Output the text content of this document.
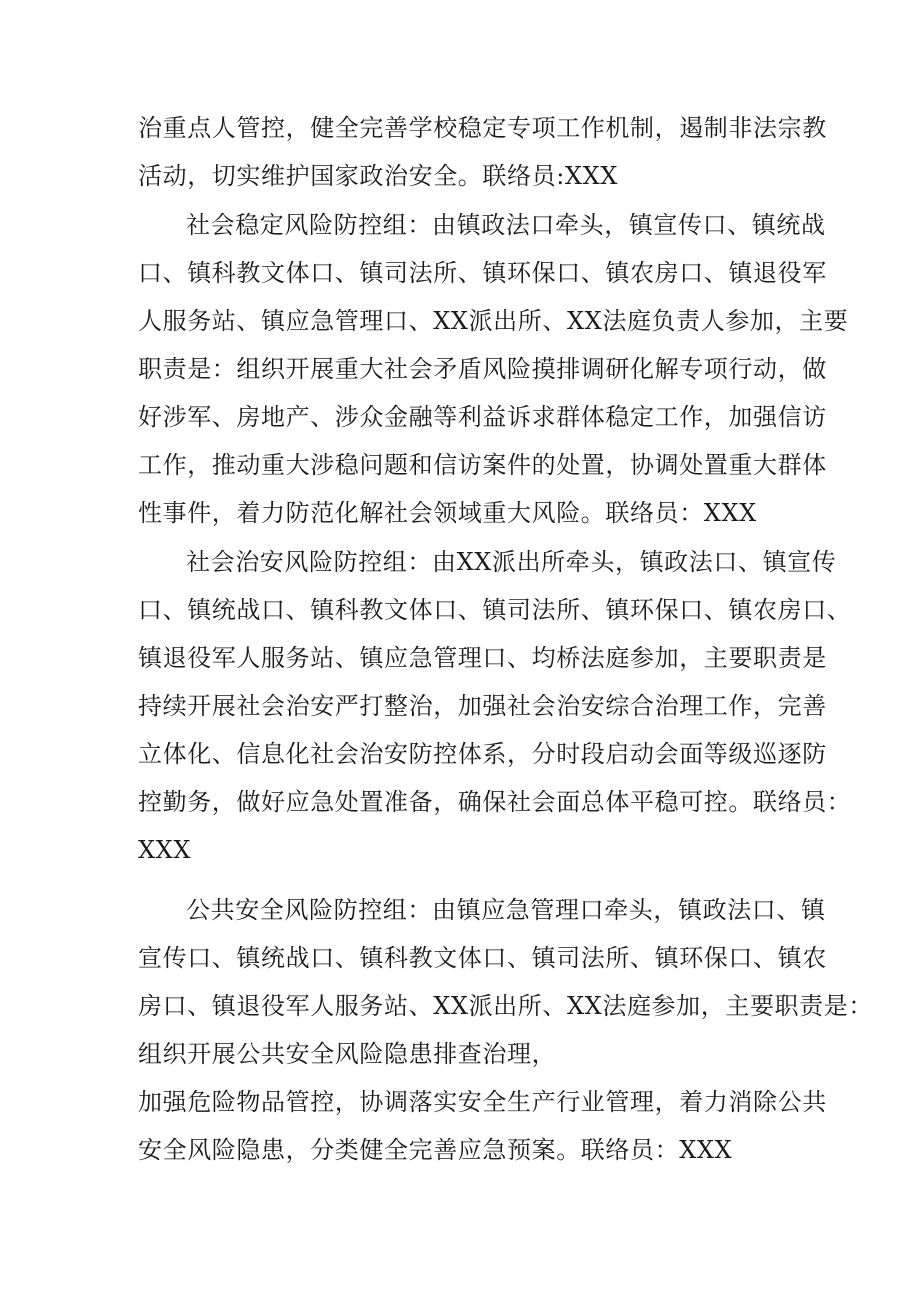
治重点人管控，健全完善学校稳定专项工作机制，遏制非法宗教
活动，切实维护国家政治安全。联络员:XXX
社会稳定风险防控组：由镇政法口牵头，镇宣传口、镇统战
口、镇科教文体口、镇司法所、镇环保口、镇农房口、镇退役军
人服务站、镇应急管理口、XX派出所、XX法庭负责人参加，主要
职责是：组织开展重大社会矛盾风险摸排调研化解专项行动，做
好涉军、房地产、涉众金融等利益诉求群体稳定工作，加强信访
工作，推动重大涉稳问题和信访案件的处置，协调处置重大群体
性事件，着力防范化解社会领域重大风险。联络员：XXX
社会治安风险防控组：由XX派出所牵头，镇政法口、镇宣传
口、镇统战口、镇科教文体口、镇司法所、镇环保口、镇农房口、
镇退役军人服务站、镇应急管理口、均桥法庭参加，主要职责是
持续开展社会治安严打整治，加强社会治安综合治理工作，完善
立体化、信息化社会治安防控体系，分时段启动会面等级巡逐防
控勤务，做好应急处置准备，确保社会面总体平稳可控。联络员：
XXX
公共安全风险防控组：由镇应急管理口牵头，镇政法口、镇
宣传口、镇统战口、镇科教文体口、镇司法所、镇环保口、镇农
房口、镇退役军人服务站、XX派出所、XX法庭参加，主要职责是：
组织开展公共安全风险隐患排查治理，
加强危险物品管控，协调落实安全生产行业管理，着力消除公共
安全风险隐患，分类健全完善应急预案。联络员：XXX
